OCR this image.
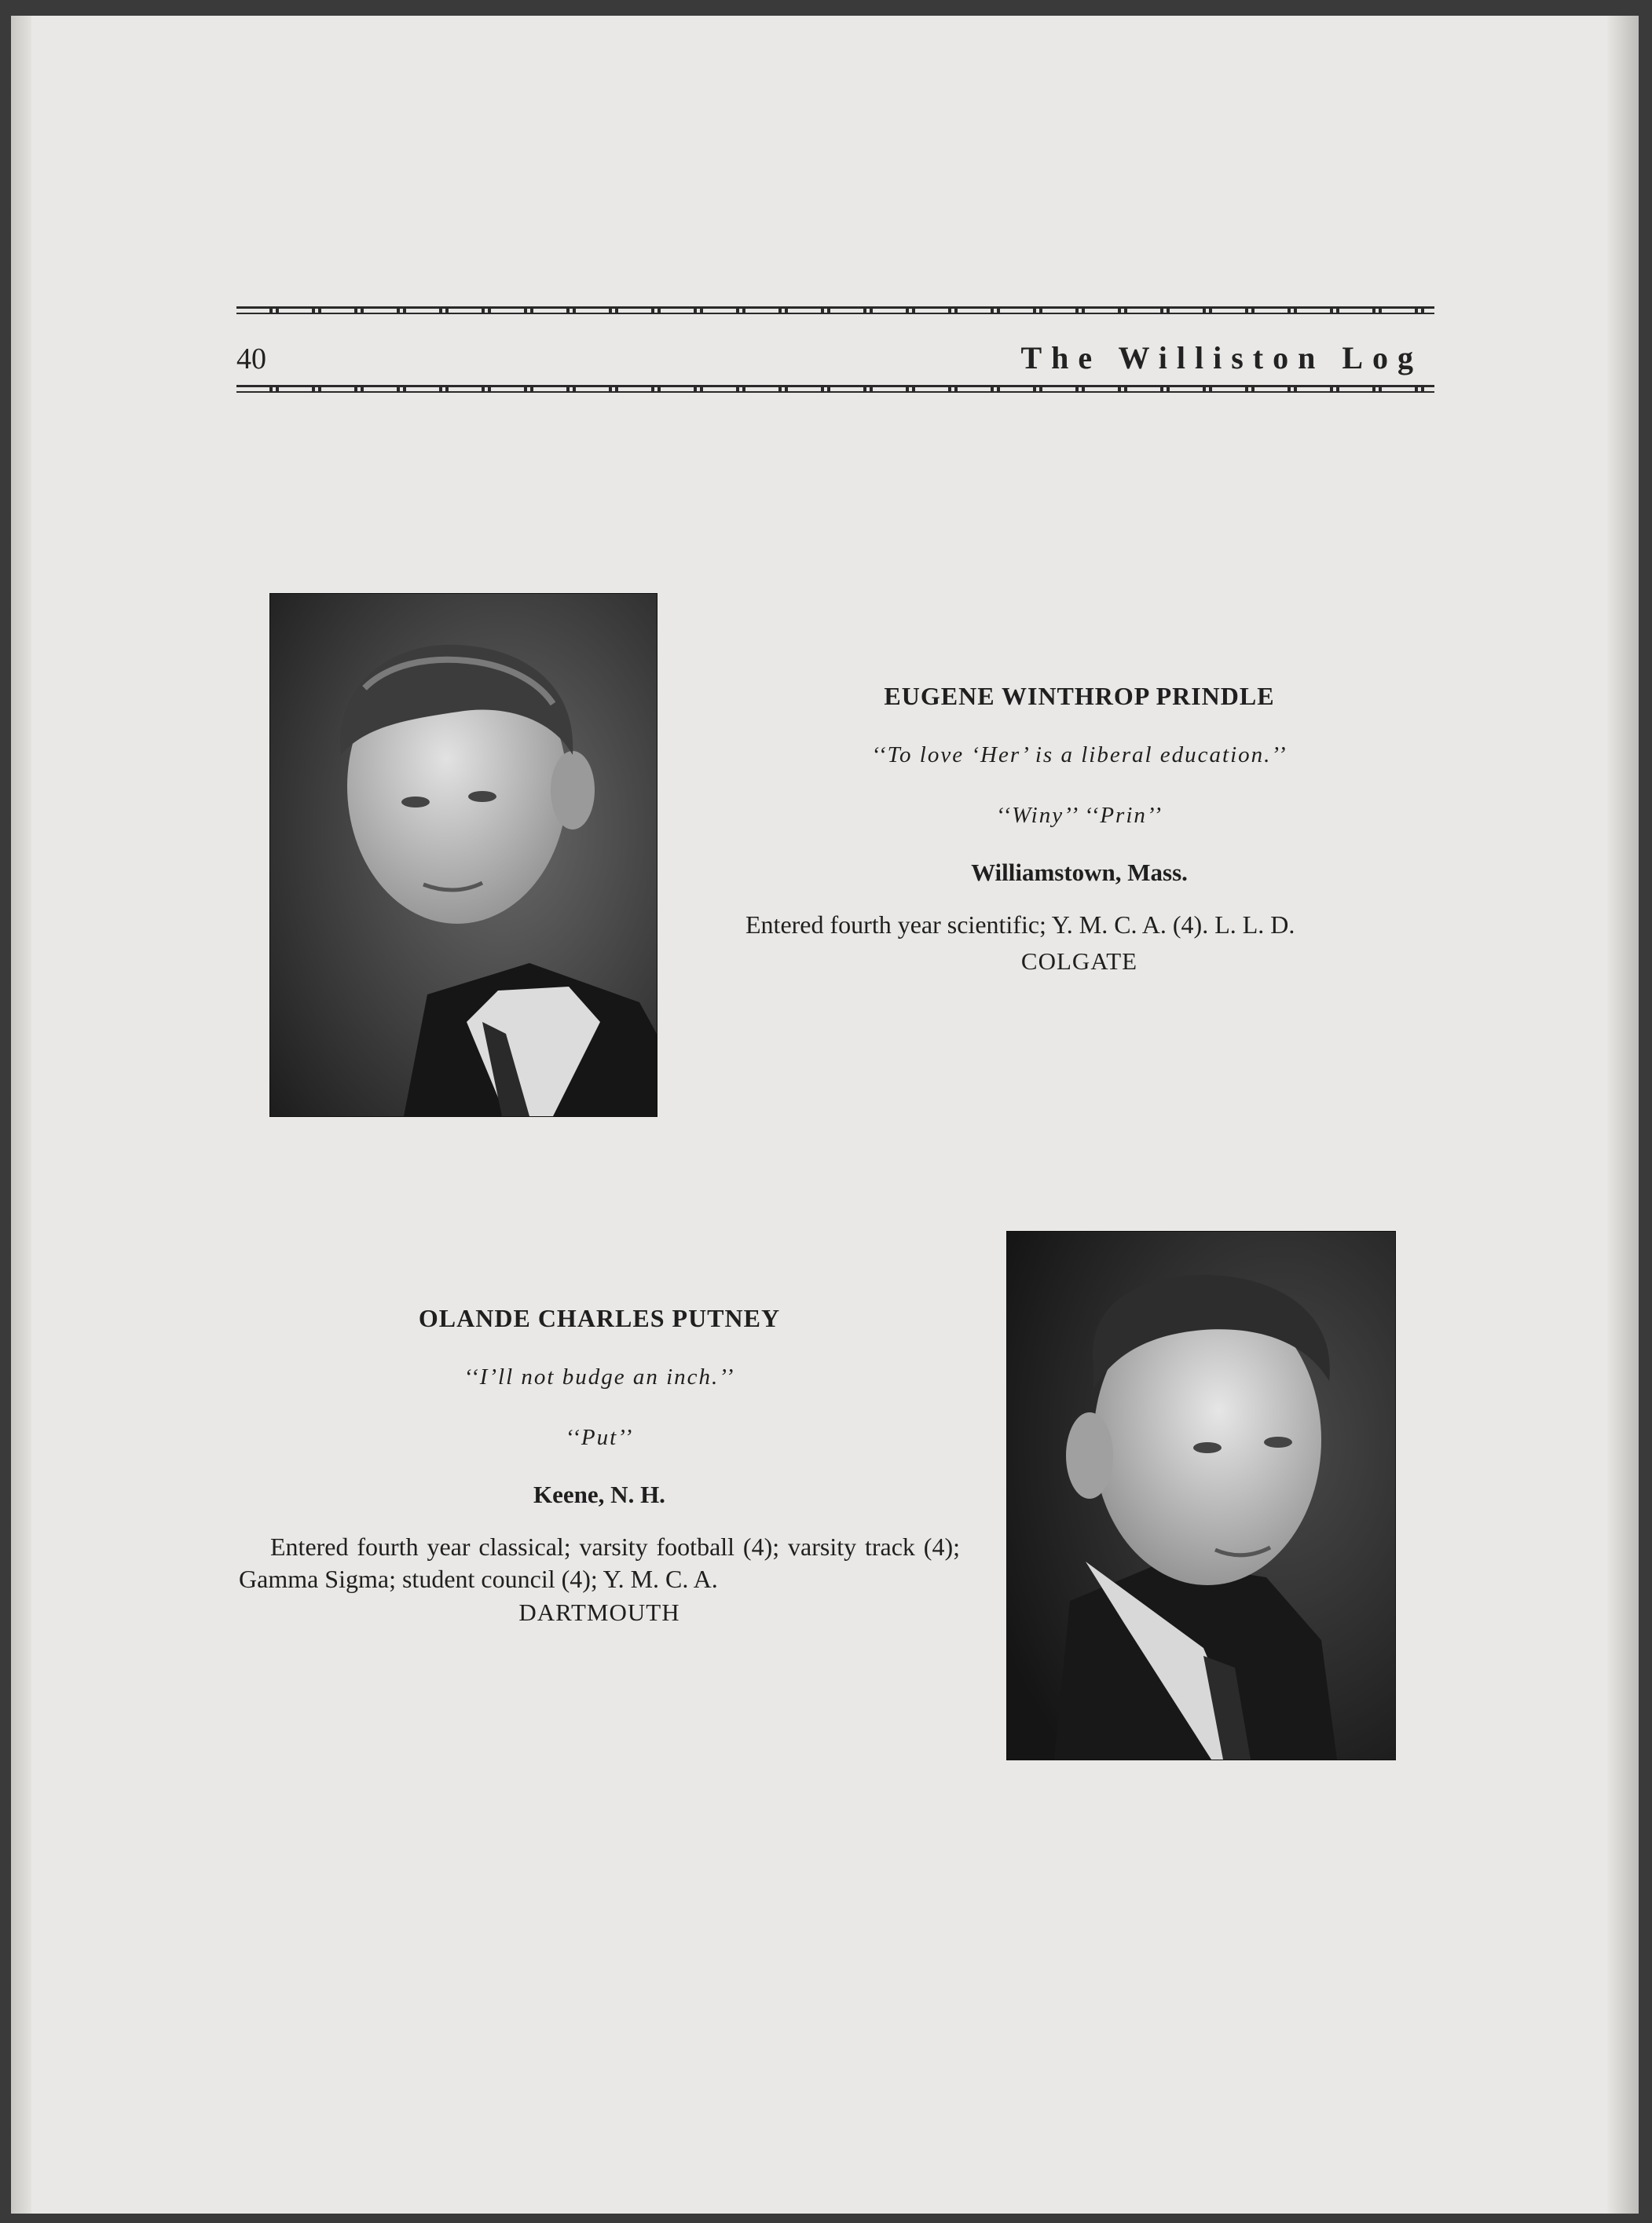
40	The Williston Log
EUGENE WINTHROP PRINDLE
‘‘To love ‘Her’ is a liberal education.’’
‘‘Winy’’ ‘‘Prin’’
Williamstown, Mass.
Entered fourth year scientific; Y. M. C. A. (4). L. L. D.
COLGATE
OLANDE CHARLES PUTNEY
‘‘I’ll not budge an inch.’’
‘‘Put’’
Keene, N. H.
Entered fourth year classical; varsity football (4); varsity track (4); Gamma Sigma; student council (4); Y. M. C. A.
DARTMOUTH
